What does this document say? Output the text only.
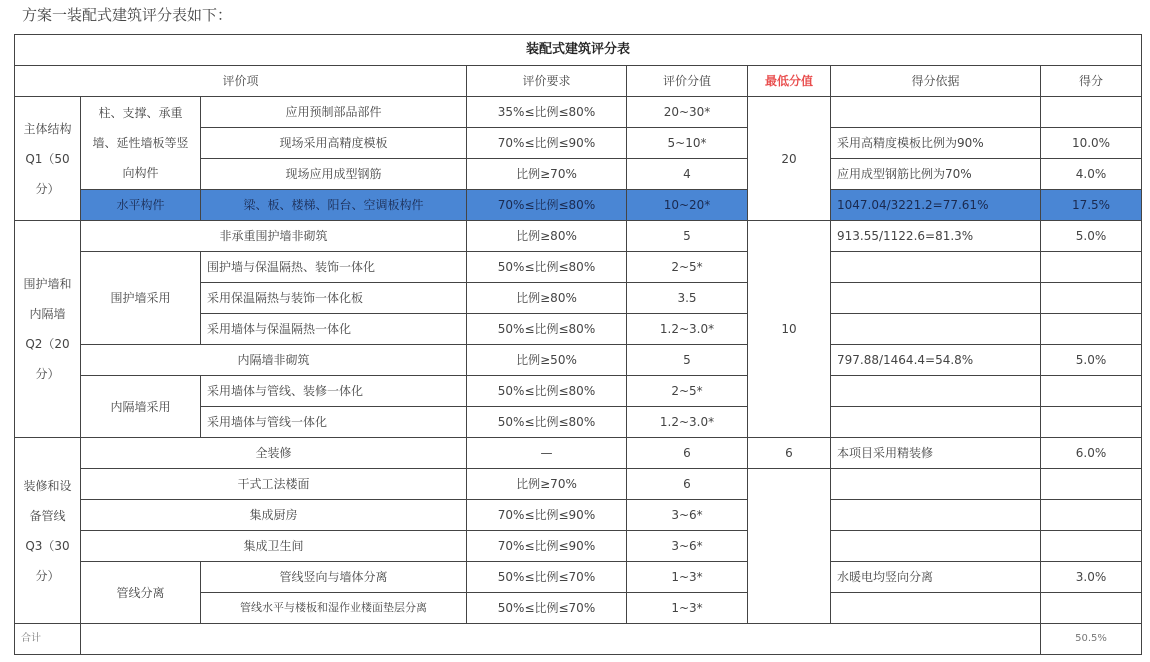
方案一装配式建筑评分表如下：
装配式建筑评分表							
评价项			评价要求	评价分值	最低分值	得分依据	得分
主体结构Q1（50分）	柱、支撑、承重墙、延性墙板等竖向构件	应用预制部品部件	35%≤比例≤80%	20~30*	20		
		现场采用高精度模板	70%≤比例≤90%	5~10*		采用高精度模板比例为90%	10.0%
		现场应用成型钢筋	比例≥70%	4		应用成型钢筋比例为70%	4.0%
	水平构件	梁、板、楼梯、阳台、空调板构件	70%≤比例≤80%	10~20*		1047.04/3221.2=77.61%	17.5%
围护墙和内隔墙Q2（20分）	非承重围护墙非砌筑		比例≥80%	5	10	913.55/1122.6=81.3%	5.0%
	围护墙采用	围护墙与保温隔热、装饰一体化	50%≤比例≤80%	2~5*			
		采用保温隔热与装饰一体化板	比例≥80%	3.5			
		采用墙体与保温隔热一体化	50%≤比例≤80%	1.2~3.0*			
	内隔墙非砌筑		比例≥50%	5		797.88/1464.4=54.8%	5.0%
	内隔墙采用	采用墙体与管线、装修一体化	50%≤比例≤80%	2~5*			
		采用墙体与管线一体化	50%≤比例≤80%	1.2~3.0*			
装修和设备管线Q3（30分）	全装修		—	6	6	本项目采用精装修	6.0%
	干式工法楼面		比例≥70%	6			
	集成厨房		70%≤比例≤90%	3~6*			
	集成卫生间		70%≤比例≤90%	3~6*			
	管线分离	管线竖向与墙体分离	50%≤比例≤70%	1~3*		水暖电均竖向分离	3.0%
		管线水平与楼板和湿作业楼面垫层分离	50%≤比例≤70%	1~3*			
合计							50.5%
